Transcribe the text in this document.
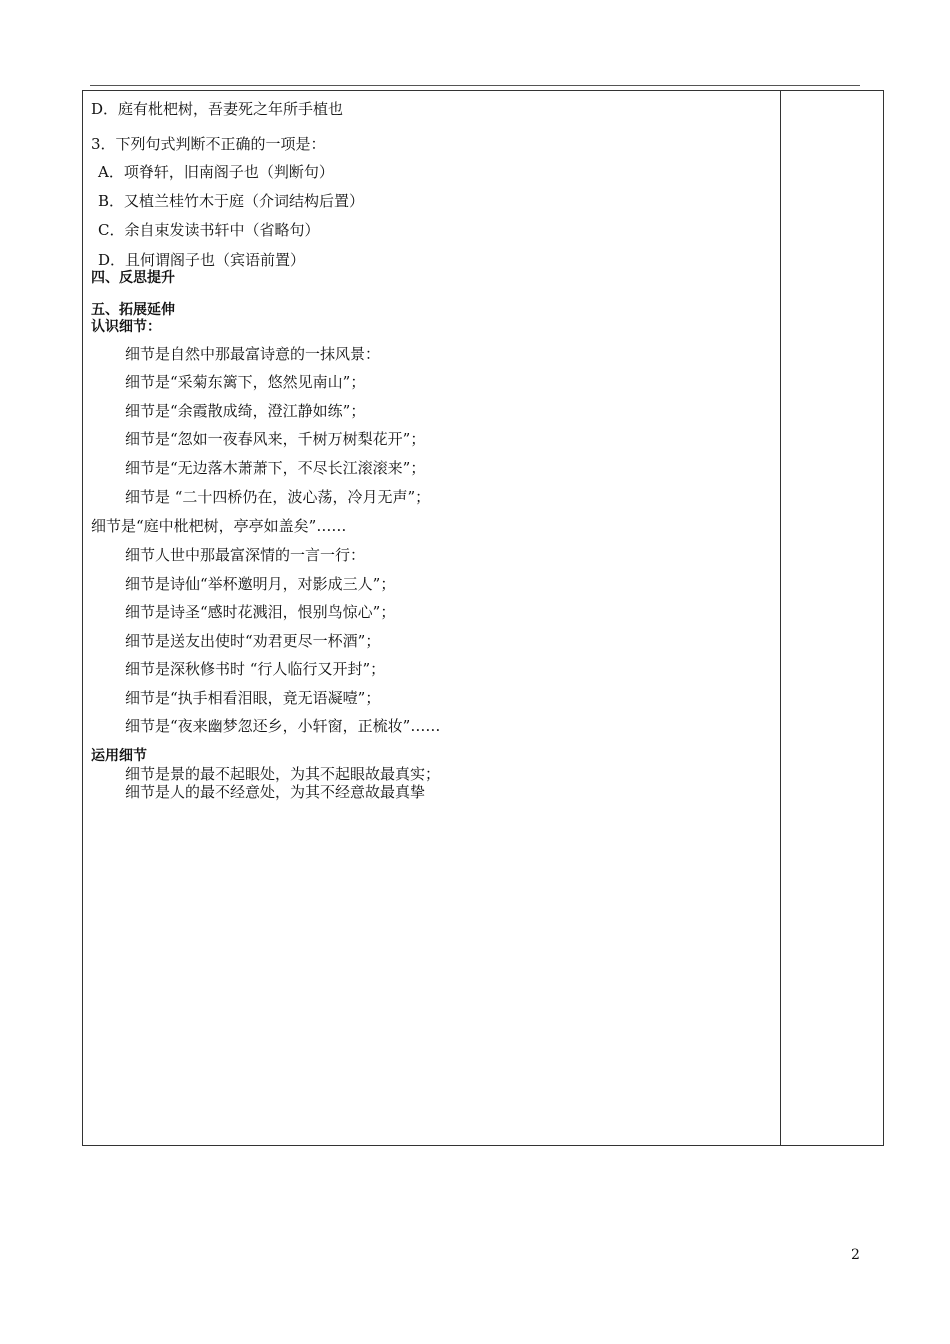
D．庭有枇杷树，吾妻死之年所手植也
3．下列句式判断不正确的一项是：
A．项脊轩，旧南阁子也（判断句）
B．又植兰桂竹木于庭（介词结构后置）
C．余自束发读书轩中（省略句）
D．且何谓阁子也（宾语前置）
四、反思提升
五、拓展延伸
认识细节：
细节是自然中那最富诗意的一抹风景：
细节是“采菊东篱下，悠然见南山”；
细节是“余霞散成绮，澄江静如练”；
细节是“忽如一夜春风来，千树万树梨花开”；
细节是“无边落木萧萧下，不尽长江滚滚来”；
细节是 “二十四桥仍在，波心荡，冷月无声”；
细节是“庭中枇杷树，亭亭如盖矣”……
细节人世中那最富深情的一言一行：
细节是诗仙“举杯邀明月，对影成三人”；
细节是诗圣“感时花溅泪，恨别鸟惊心”；
细节是送友出使时“劝君更尽一杯酒”；
细节是深秋修书时 “行人临行又开封”；
细节是“执手相看泪眼，竟无语凝噎”；
细节是“夜来幽梦忽还乡，小轩窗，正梳妆”……
运用细节
细节是景的最不起眼处，为其不起眼故最真实；
细节是人的最不经意处，为其不经意故最真挚
2
